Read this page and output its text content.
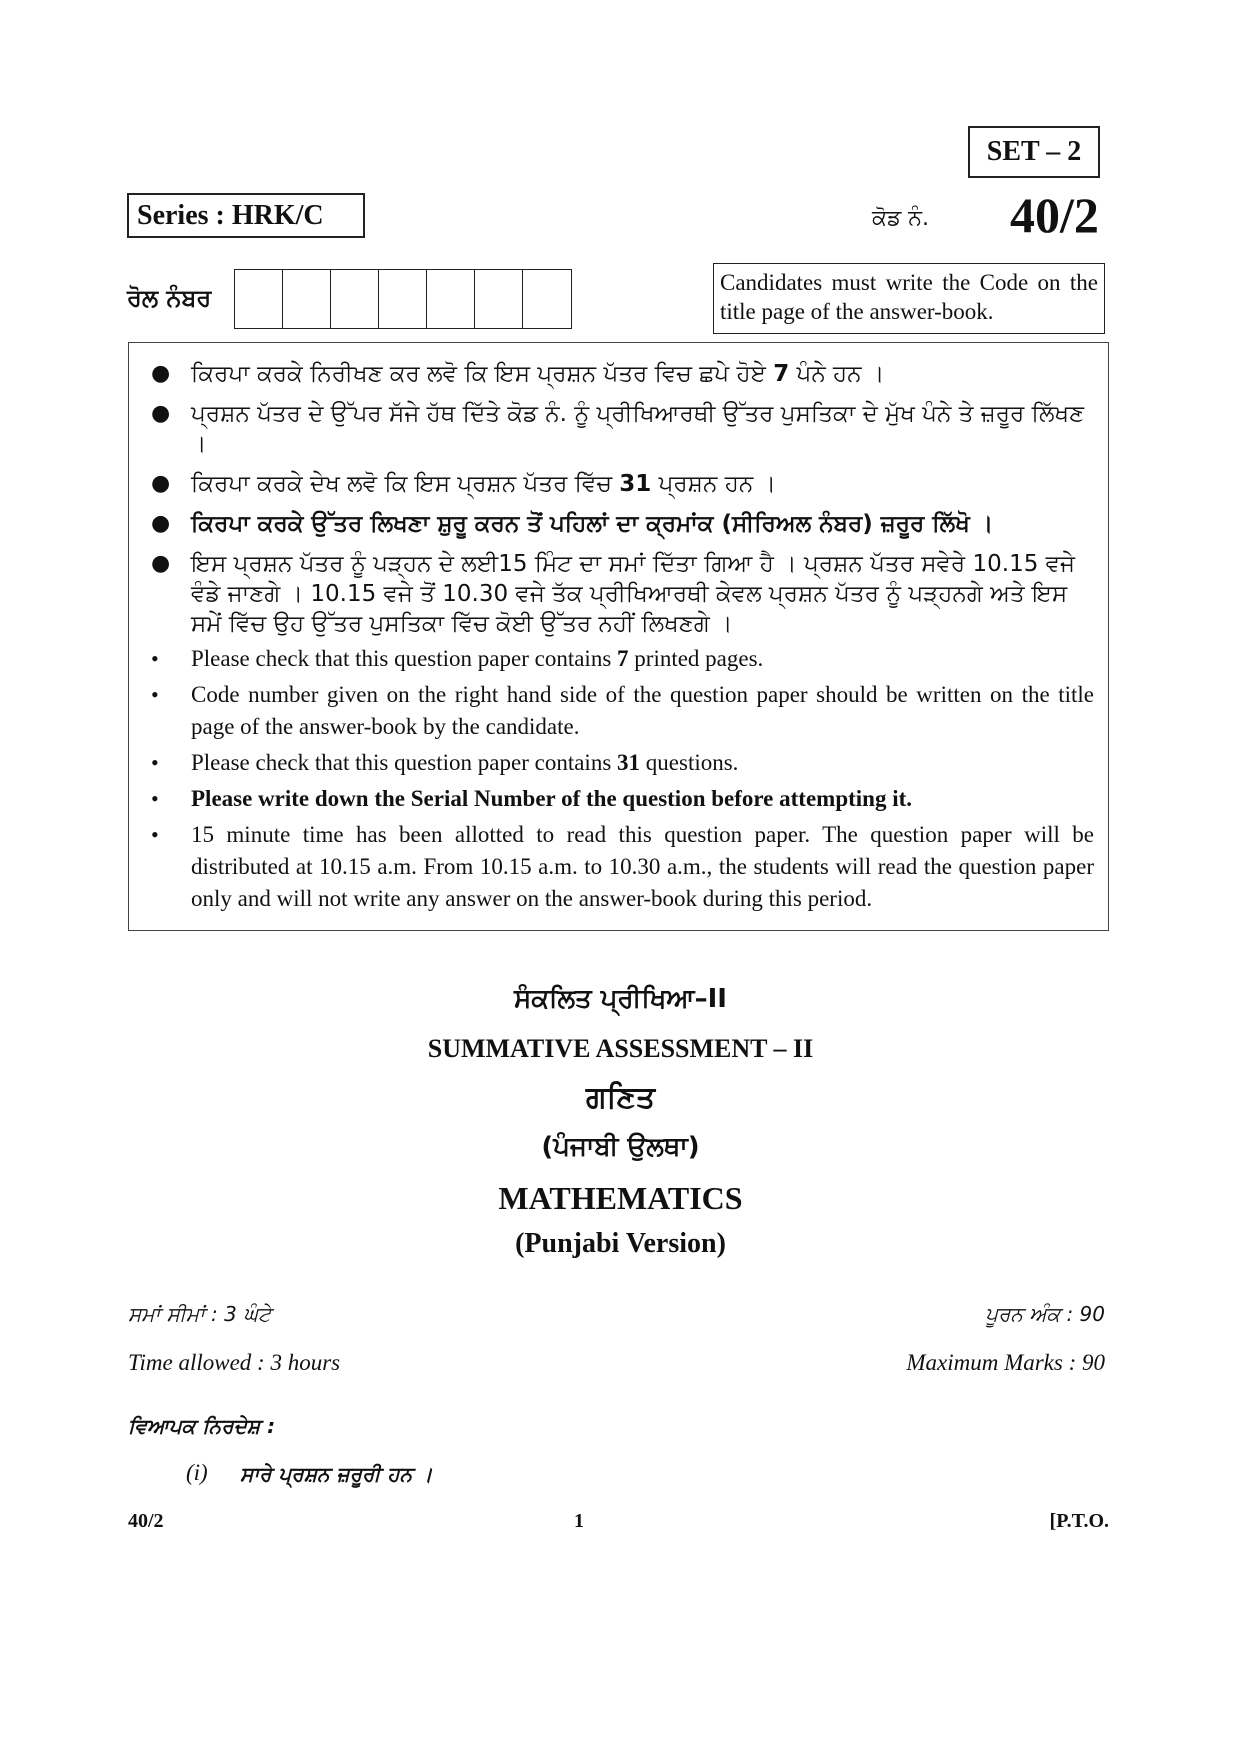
SET – 2
Series : HRK/C	ਕੋਡ ਨੰ. 40/2
ਰੋਲ ਨੰਬਰ
Candidates must write the Code on the title page of the answer-book.
● ਕਿਰਪਾ ਕਰਕੇ ਨਿਰੀਖਣ ਕਰ ਲਵੋ ਕਿ ਇਸ ਪ੍ਰਸ਼ਨ ਪੱਤਰ ਵਿਚ ਛਪੇ ਹੋਏ 7 ਪੰਨੇ ਹਨ ।
● ਪ੍ਰਸ਼ਨ ਪੱਤਰ ਦੇ ਉੱਪਰ ਸੱਜੇ ਹੱਥ ਦਿੱਤੇ ਕੋਡ ਨੰ. ਨੂੰ ਪ੍ਰੀਖਿਆਰਥੀ ਉੱਤਰ ਪੁਸਤਿਕਾ ਦੇ ਮੁੱਖ ਪੰਨੇ ਤੇ ਜ਼ਰੂਰ ਲਿੱਖਣ ।
● ਕਿਰਪਾ ਕਰਕੇ ਦੇਖ ਲਵੋ ਕਿ ਇਸ ਪ੍ਰਸ਼ਨ ਪੱਤਰ ਵਿੱਚ 31 ਪ੍ਰਸ਼ਨ ਹਨ ।
● ਕਿਰਪਾ ਕਰਕੇ ਉੱਤਰ ਲਿਖਣਾ ਸ਼ੁਰੂ ਕਰਨ ਤੋਂ ਪਹਿਲਾਂ ਦਾ ਕ੍ਰਮਾਂਕ (ਸੀਰਿਅਲ ਨੰਬਰ) ਜ਼ਰੂਰ ਲਿੱਖੋ ।
● ਇਸ ਪ੍ਰਸ਼ਨ ਪੱਤਰ ਨੂੰ ਪੜ੍ਹਨ ਦੇ ਲਈ15 ਮਿੰਟ ਦਾ ਸਮਾਂ ਦਿੱਤਾ ਗਿਆ ਹੈ । ਪ੍ਰਸ਼ਨ ਪੱਤਰ ਸਵੇਰੇ 10.15 ਵਜੇ ਵੰਡੇ ਜਾਣਗੇ । 10.15 ਵਜੇ ਤੋਂ 10.30 ਵਜੇ ਤੱਕ ਪ੍ਰੀਖਿਆਰਥੀ ਕੇਵਲ ਪ੍ਰਸ਼ਨ ਪੱਤਰ ਨੂੰ ਪੜ੍ਹਨਗੇ ਅਤੇ ਇਸ ਸਮੇਂ ਵਿੱਚ ਉਹ ਉੱਤਰ ਪੁਸਤਿਕਾ ਵਿੱਚ ਕੋਈ ਉੱਤਰ ਨਹੀਂ ਲਿਖਣਗੇ ।
• Please check that this question paper contains 7 printed pages.
• Code number given on the right hand side of the question paper should be written on the title page of the answer-book by the candidate.
• Please check that this question paper contains 31 questions.
• Please write down the Serial Number of the question before attempting it.
• 15 minute time has been allotted to read this question paper. The question paper will be distributed at 10.15 a.m. From 10.15 a.m. to 10.30 a.m., the students will read the question paper only and will not write any answer on the answer-book during this period.
ਸੰਕਲਿਤ ਪ੍ਰੀਖਿਆ–II
SUMMATIVE ASSESSMENT – II
ਗਣਿਤ
(ਪੰਜਾਬੀ ਉਲਥਾ)
MATHEMATICS
(Punjabi Version)
ਸਮਾਂ ਸੀਮਾਂ : 3 ਘੰਟੇ	ਪੂਰਨ ਅੰਕ : 90
Time allowed : 3 hours	Maximum Marks : 90
ਵਿਆਪਕ ਨਿਰਦੇਸ਼ :
(i) ਸਾਰੇ ਪ੍ਰਸ਼ਨ ਜ਼ਰੂਰੀ ਹਨ ।
40/2	1	[P.T.O.
